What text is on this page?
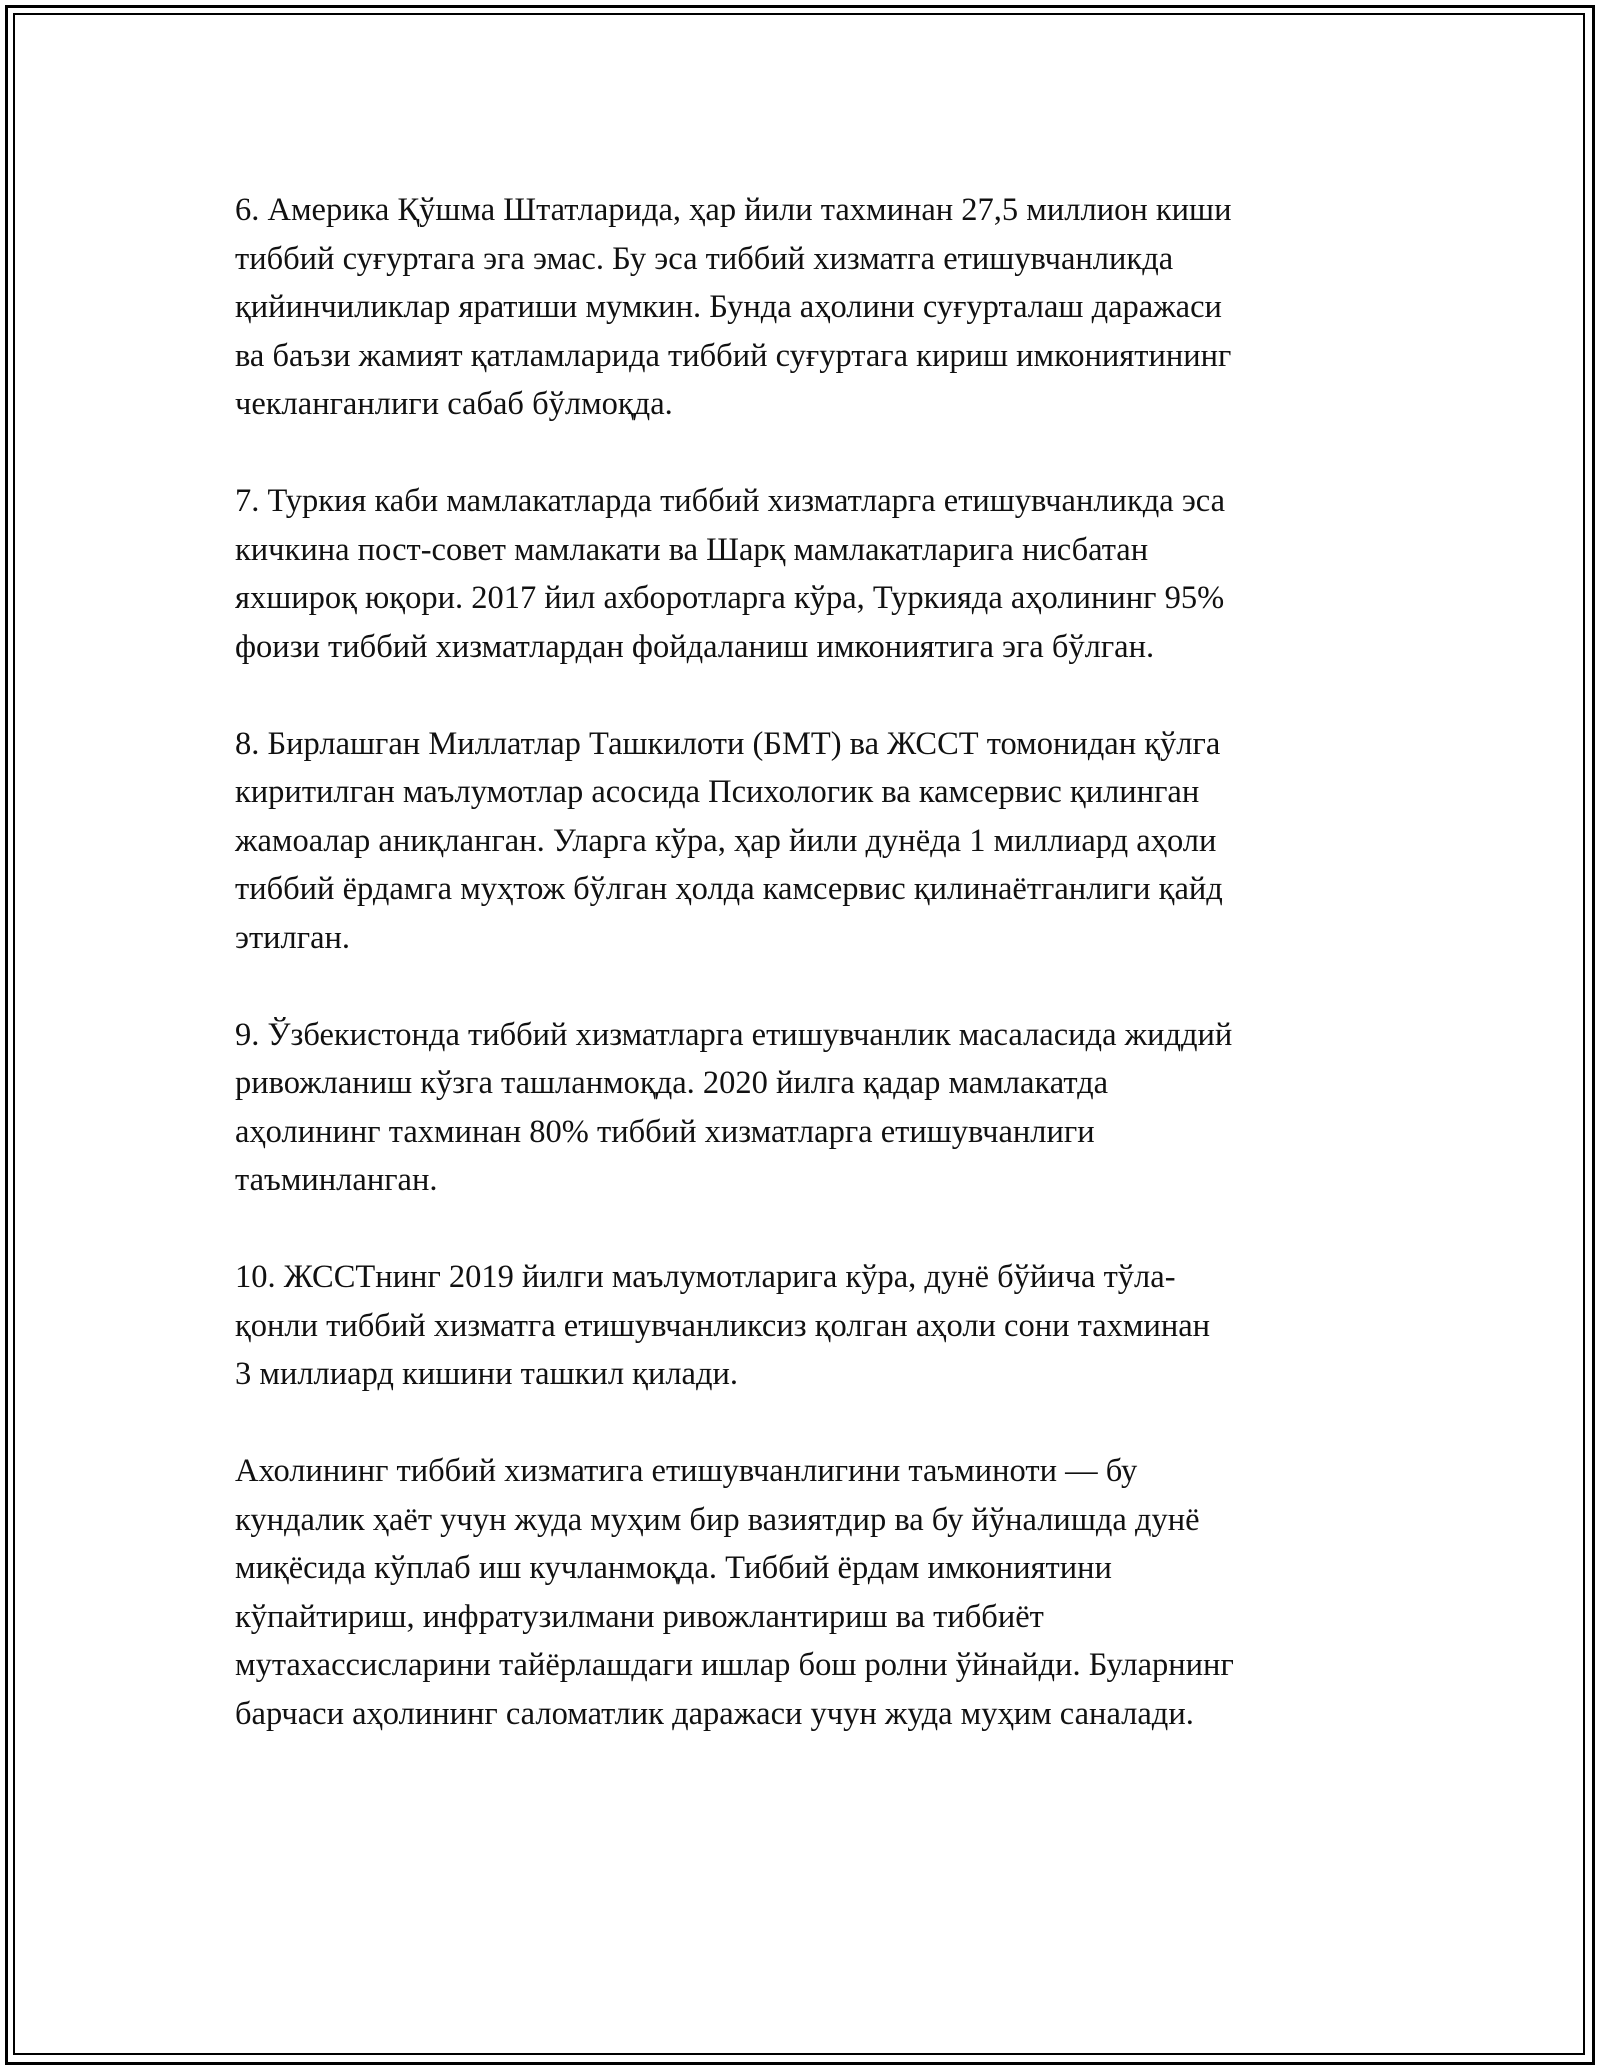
6. Америка Қўшма Штатларида, ҳар йили тахминан 27,5 миллион киши
тиббий суғуртага эга эмас. Бу эса тиббий хизматга етишувчанликда
қийинчиликлар яратиши мумкин. Бунда аҳолини суғурталаш даражаси
ва баъзи жамият қатламларида тиббий суғуртага кириш имкониятининг
чекланганлиги сабаб бўлмоқда.

7. Туркия каби мамлакатларда тиббий хизматларга етишувчанликда эса
кичкина пост-совет мамлакати ва Шарқ мамлакатларига нисбатан
яхшироқ юқори. 2017 йил ахборотларга кўра, Туркияда аҳолининг 95%
фоизи тиббий хизматлардан фойдаланиш имкониятига эга бўлган.

8. Бирлашган Миллатлар Ташкилоти (БМТ) ва ЖССТ томонидан қўлга
киритилган маълумотлар асосида Психологик ва камсервис қилинган
жамоалар аниқланган. Уларга кўра, ҳар йили дунёда 1 миллиард аҳоли
тиббий ёрдамга муҳтож бўлган ҳолда камсервис қилинаётганлиги қайд
этилган.

9. Ўзбекистонда тиббий хизматларга етишувчанлик масаласида жиддий
ривожланиш кўзга ташланмоқда. 2020 йилга қадар мамлакатда
аҳолининг тахминан 80% тиббий хизматларга етишувчанлиги
таъминланган.

10. ЖССТнинг 2019 йилги маълумотларига кўра, дунё бўйича тўла-
қонли тиббий хизматга етишувчанликсиз қолган аҳоли сони тахминан
3 миллиард кишини ташкил қилади.

Ахолининг тиббий хизматига етишувчанлигини таъминоти — бу
кундалик ҳаёт учун жуда муҳим бир вазиятдир ва бу йўналишда дунё
миқёсида кўплаб иш кучланмоқда. Тиббий ёрдам имкониятини
кўпайтириш, инфратузилмани ривожлантириш ва тиббиёт
мутахассисларини тайёрлашдаги ишлар бош ролни ўйнайди. Буларнинг
барчаси аҳолининг саломатлик даражаси учун жуда муҳим саналади.
